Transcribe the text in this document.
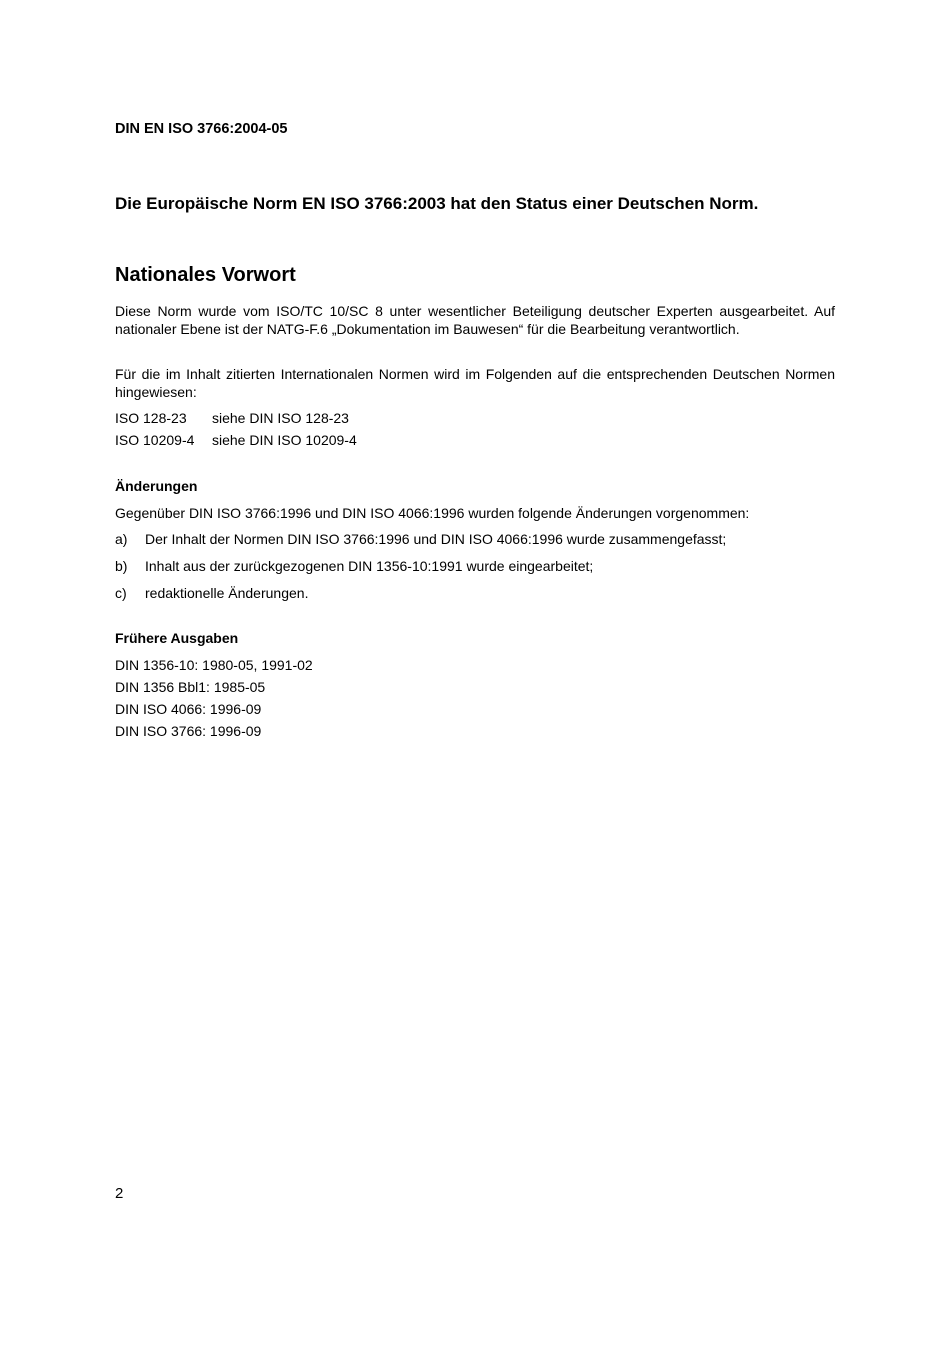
DIN EN ISO 3766:2004-05

Die Europäische Norm EN ISO 3766:2003 hat den Status einer Deutschen Norm.

Nationales Vorwort

Diese Norm wurde vom ISO/TC 10/SC 8 unter wesentlicher Beteiligung deutscher Experten ausgearbeitet. Auf nationaler Ebene ist der NATG-F.6 „Dokumentation im Bauwesen“ für die Bearbeitung verantwortlich.

Für die im Inhalt zitierten Internationalen Normen wird im Folgenden auf die entsprechenden Deutschen Normen hingewiesen:

ISO 128-23 siehe DIN ISO 128-23
ISO 10209-4 siehe DIN ISO 10209-4
Änderungen

Gegenüber DIN ISO 3766:1996 und DIN ISO 4066:1996 wurden folgende Änderungen vorgenommen:

a) Der Inhalt der Normen DIN ISO 3766:1996 und DIN ISO 4066:1996 wurde zusammengefasst;
b) Inhalt aus der zurückgezogenen DIN 1356-10:1991 wurde eingearbeitet;
c) redaktionelle Änderungen.
Frühere Ausgaben

DIN 1356-10: 1980-05, 1991-02

DIN 1356 Bbl1: 1985-05

DIN ISO 4066: 1996-09

DIN ISO 3766: 1996-09

2
